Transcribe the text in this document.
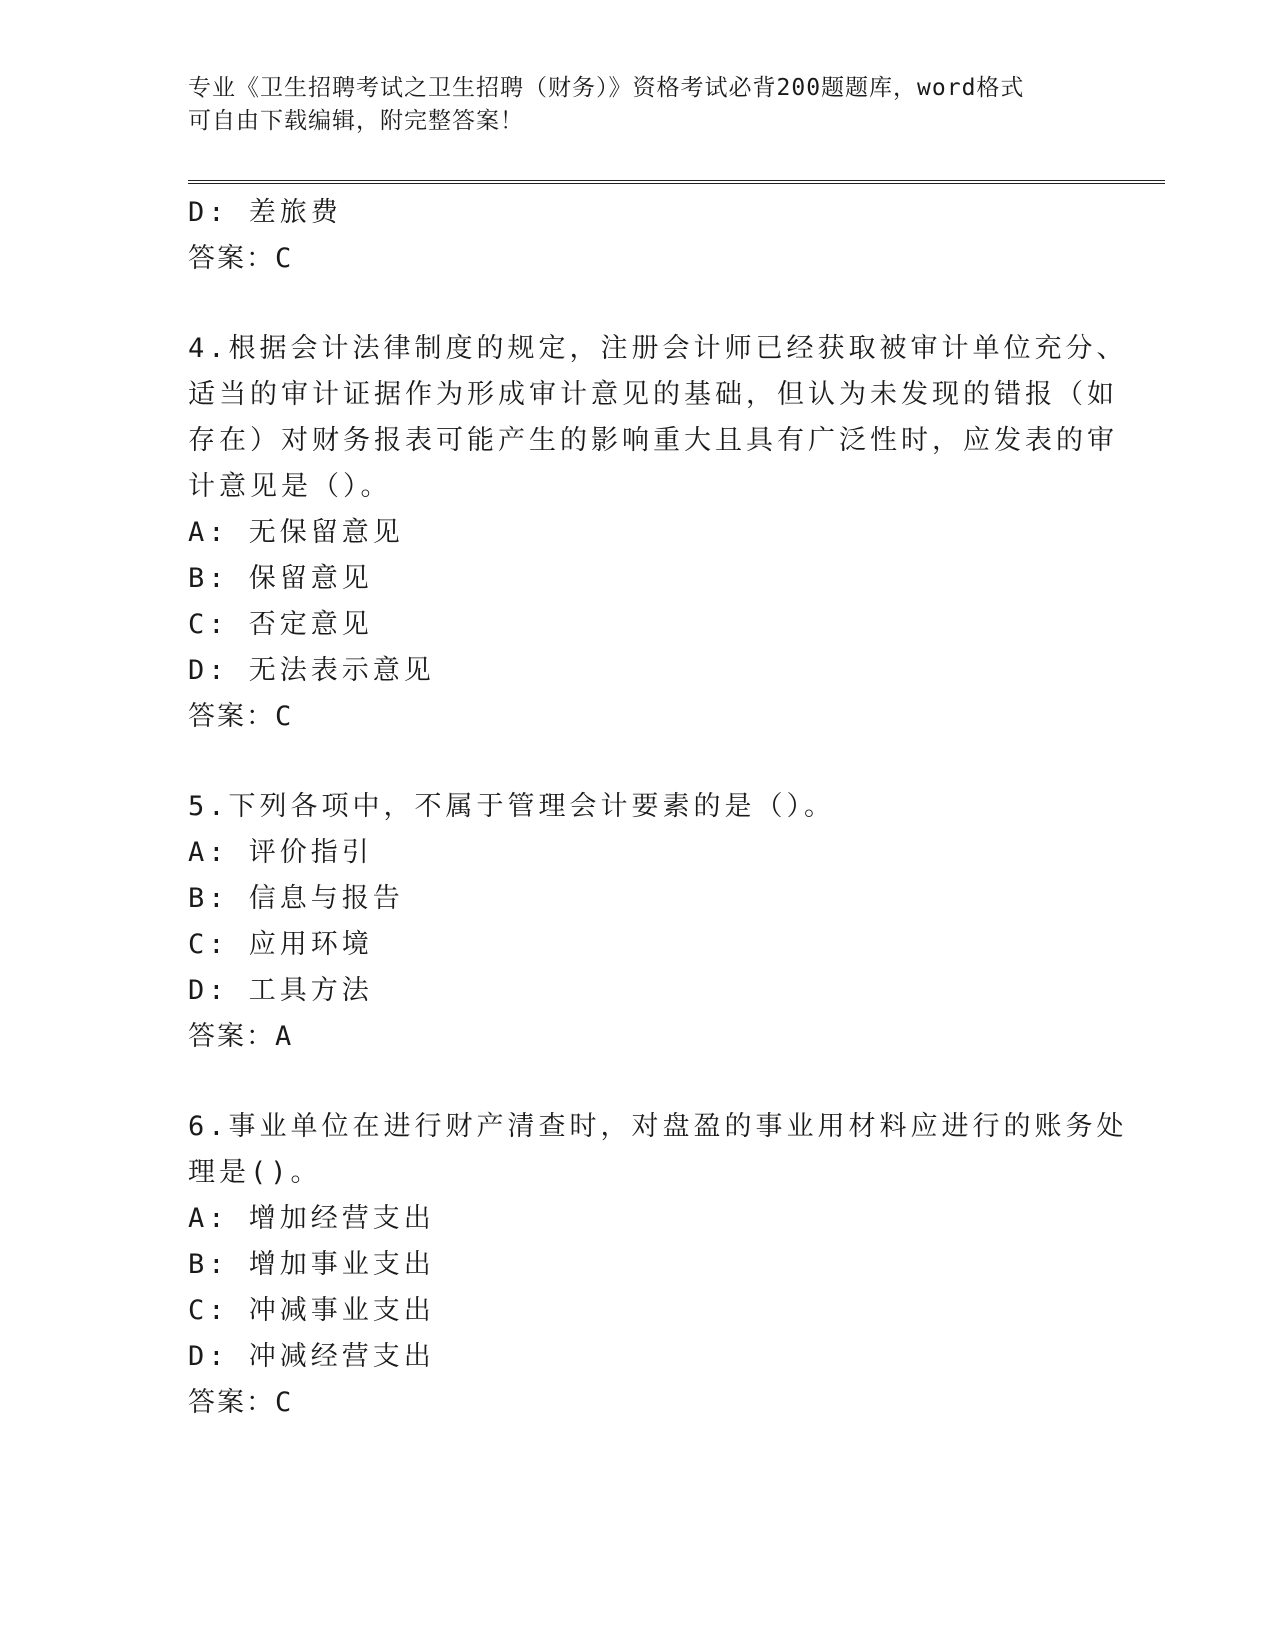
专业《卫生招聘考试之卫生招聘（财务）》资格考试必背200题题库，word格式
可自由下载编辑，附完整答案！
D: 差旅费
答案：C
4.根据会计法律制度的规定，注册会计师已经获取被审计单位充分、
适当的审计证据作为形成审计意见的基础，但认为未发现的错报（如
存在）对财务报表可能产生的影响重大且具有广泛性时，应发表的审
计意见是（）。
A: 无保留意见
B: 保留意见
C: 否定意见
D: 无法表示意见
答案：C
5.下列各项中，不属于管理会计要素的是（）。
A: 评价指引
B: 信息与报告
C: 应用环境
D: 工具方法
答案：A
6.事业单位在进行财产清查时，对盘盈的事业用材料应进行的账务处
理是()。
A: 增加经营支出
B: 增加事业支出
C: 冲减事业支出
D: 冲减经营支出
答案：C
